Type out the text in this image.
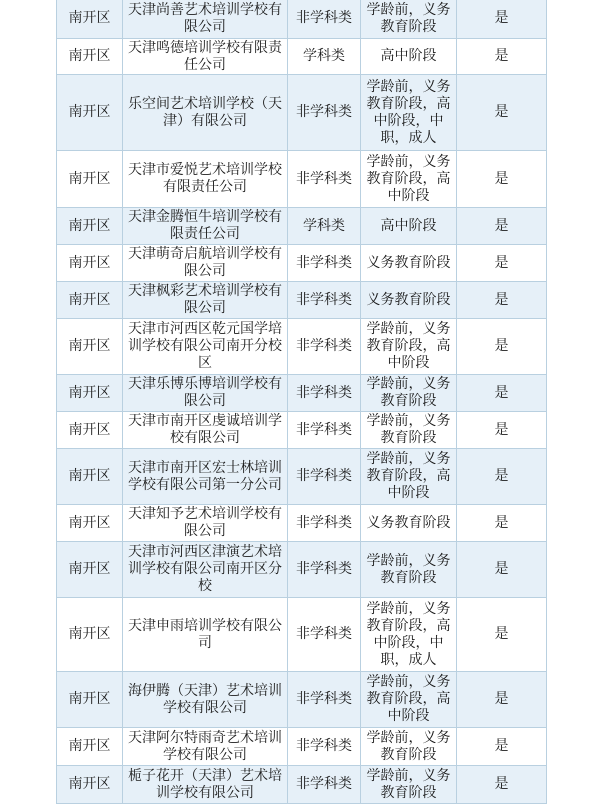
南开区	天津尚善艺术培训学校有限公司	非学科类	学龄前，义务教育阶段	是
南开区	天津鸣德培训学校有限责任公司	学科类	高中阶段	是
南开区	乐空间艺术培训学校（天津）有限公司	非学科类	学龄前，义务教育阶段，高中阶段，中职，成人	是
南开区	天津市爱悦艺术培训学校有限责任公司	非学科类	学龄前，义务教育阶段，高中阶段	是
南开区	天津金腾恒牛培训学校有限责任公司	学科类	高中阶段	是
南开区	天津萌奇启航培训学校有限公司	非学科类	义务教育阶段	是
南开区	天津枫彩艺术培训学校有限公司	非学科类	义务教育阶段	是
南开区	天津市河西区乾元国学培训学校有限公司南开分校区	非学科类	学龄前，义务教育阶段，高中阶段	是
南开区	天津乐博乐博培训学校有限公司	非学科类	学龄前，义务教育阶段	是
南开区	天津市南开区虔诚培训学校有限公司	非学科类	学龄前，义务教育阶段	是
南开区	天津市南开区宏士林培训学校有限公司第一分公司	非学科类	学龄前，义务教育阶段，高中阶段	是
南开区	天津知予艺术培训学校有限公司	非学科类	义务教育阶段	是
南开区	天津市河西区津演艺术培训学校有限公司南开区分校	非学科类	学龄前，义务教育阶段	是
南开区	天津申雨培训学校有限公司	非学科类	学龄前，义务教育阶段，高中阶段，中职，成人	是
南开区	海伊腾（天津）艺术培训学校有限公司	非学科类	学龄前，义务教育阶段，高中阶段	是
南开区	天津阿尔特雨奇艺术培训学校有限公司	非学科类	学龄前，义务教育阶段	是
南开区	栀子花开（天津）艺术培训学校有限公司	非学科类	学龄前，义务教育阶段	是
